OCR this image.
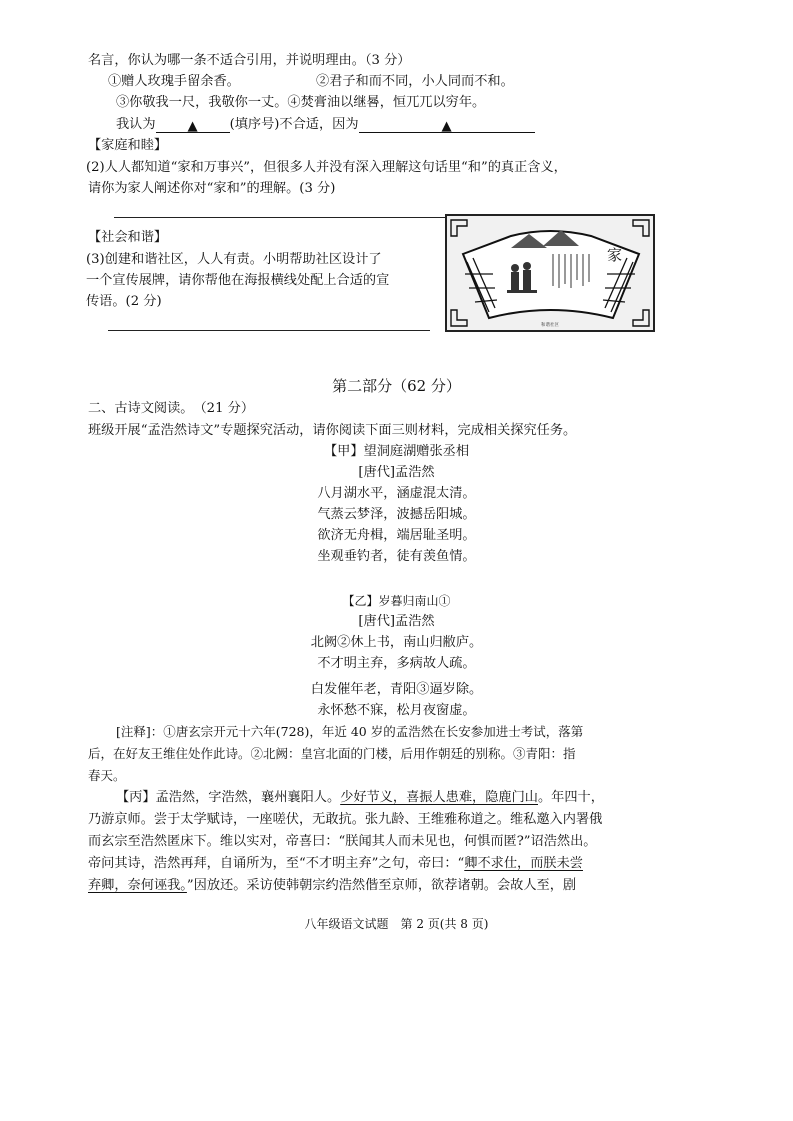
名言，你认为哪一条不适合引用，并说明理由。（3 分）
①赠人玫瑰手留余香。	②君子和而不同，小人同而不和。
③你敬我一尺，我敬你一丈。④焚膏油以继晷，恒兀兀以穷年。
我认为 ▲ (填序号)不合适，因为	▲
【家庭和睦】
(2)人人都知道“家和万事兴”，但很多人并没有深入理解这句话里“和”的真正含义，
请你为家人阐述你对“家和”的理解。(3 分)
【社会和谐】
(3)创建和谐社区，人人有责。小明帮助社区设计了
一个宣传展牌，请你帮他在海报横线处配上合适的宣
传语。(2 分)
家
和谐社区
第二部分（62 分）
二、古诗文阅读。　（21 分）
班级开展“孟浩然诗文”专题探究活动，请你阅读下面三则材料，完成相关探究任务。
【甲】望洞庭湖赠张丞相
[唐代]孟浩然
八月湖水平，涵虚混太清。
气蒸云梦泽，波撼岳阳城。
欲济无舟楫，端居耻圣明。
坐观垂钓者，徒有羡鱼情。
【乙】岁暮归南山①
[唐代]孟浩然
北阙②休上书，南山归敝庐。
不才明主弃，多病故人疏。
白发催年老，青阳③逼岁除。
永怀愁不寐，松月夜窗虚。
[注释]：①唐玄宗开元十六年(728)，年近 40 岁的孟浩然在长安参加进士考试，落第
后，在好友王维住处作此诗。②北阙：皇宫北面的门楼，后用作朝廷的别称。③青阳：指
春天。
【丙】孟浩然，字浩然，襄州襄阳人。少好节义，喜振人患难，隐鹿门山。年四十，
乃游京师。尝于太学赋诗，一座嗟伏，无敢抗。张九龄、王维雅称道之。维私邀入内署俄
而玄宗至浩然匿床下。维以实对，帝喜曰：“朕闻其人而未见也，何惧而匿?”诏浩然出。
帝问其诗，浩然再拜，自诵所为，至“不才明主弃”之句，帝曰：“卿不求仕，而朕未尝
弃卿，奈何诬我。”因放还。采访使韩朝宗约浩然偕至京师，欲荐诸朝。会故人至，剧
八年级语文试题　第 2 页(共 8 页)
